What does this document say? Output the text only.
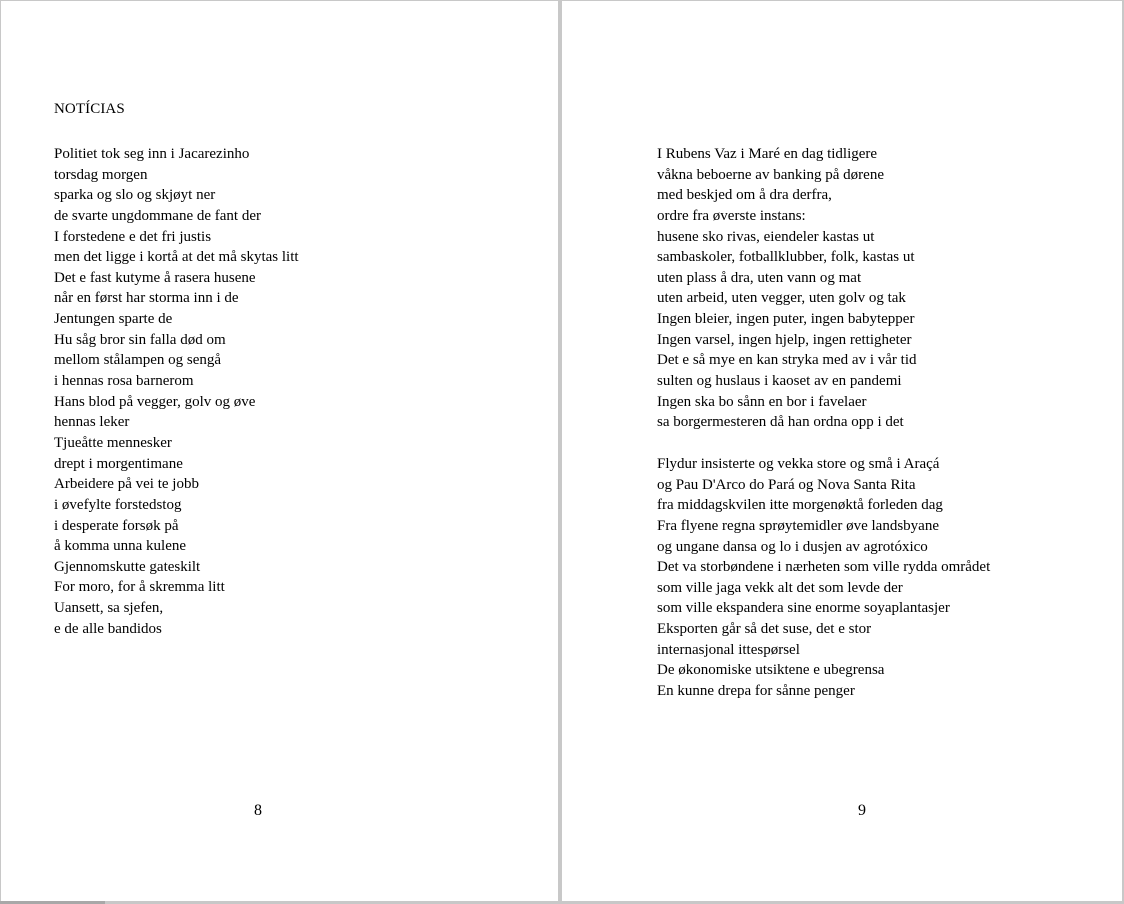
NOTÍCIAS
Politiet tok seg inn i Jacarezinho
torsdag morgen
sparka og slo og skjøyt ner
de svarte ungdommane de fant der
I forstedene e det fri justis
men det ligge i kortå at det må skytas litt
Det e fast kutyme å rasera husene
når en først har storma inn i de
Jentungen sparte de
Hu såg bror sin falla død om
mellom stålampen og sengå
i hennas rosa barnerom
Hans blod på vegger, golv og øve
hennas leker
Tjueåtte mennesker
drept i morgentimane
Arbeidere på vei te jobb
i øvefylte forstedstog
i desperate forsøk på
å komma unna kulene
Gjennomskutte gateskilt
For moro, for å skremma litt
Uansett, sa sjefen,
e de alle bandidos
8
I Rubens Vaz i Maré en dag tidligere
våkna beboerne av banking på dørene
med beskjed om å dra derfra,
ordre fra øverste instans:
husene sko rivas, eiendeler kastas ut
sambaskoler, fotballklubber, folk, kastas ut
uten plass å dra, uten vann og mat
uten arbeid, uten vegger, uten golv og tak
Ingen bleier, ingen puter, ingen babytepper
Ingen varsel, ingen hjelp, ingen rettigheter
Det e så mye en kan stryka med av i vår tid
sulten og huslaus i kaoset av en pandemi
Ingen ska bo sånn en bor i favelaer
sa borgermesteren då han ordna opp i det
Flydur insisterte og vekka store og små i Araçá
og Pau D'Arco do Pará og Nova Santa Rita
fra middagskvilen itte morgenøktå forleden dag
Fra flyene regna sprøytemidler øve landsbyane
og ungane dansa og lo i dusjen av agrotóxico
Det va storbøndene i nærheten som ville rydda området
som ville jaga vekk alt det som levde der
som ville ekspandera sine enorme soyaplantasjer
Eksporten går så det suse, det e stor
internasjonal ittespørsel
De økonomiske utsiktene e ubegrensa
En kunne drepa for sånne penger
9
